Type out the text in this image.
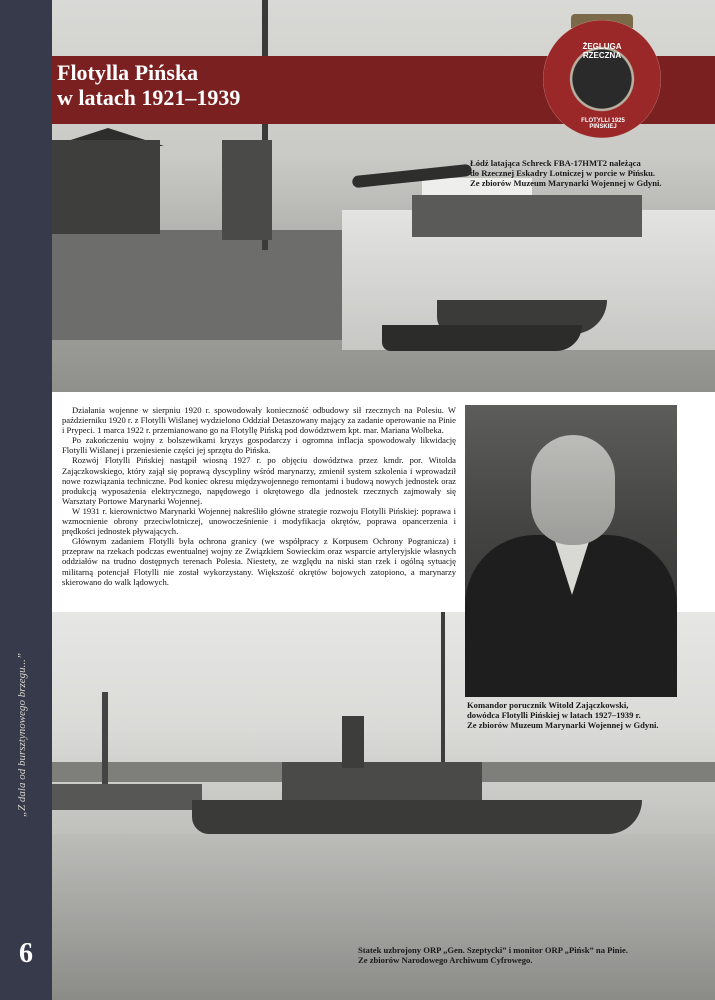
„Z dala od bursztynowego brzegu...”
6
Flotylla Pińska
w latach 1921–1939
ŻEGLUGA RZECZNA
FLOTYLLI 1925 PIŃSKIEJ

Łódź latająca Schreck FBA-17HMT2 należąca
do Rzecznej Eskadry Lotniczej w porcie w Pińsku.
Ze zbiorów Muzeum Marynarki Wojennej w Gdyni.

Działania wojenne w sierpniu 1920 r. spowodowały konieczność odbudowy sił rzecznych na Polesiu. W październiku 1920 r. z Flotylli Wiślanej wydzielono Oddział Detaszowany mający za zadanie operowanie na Pinie i Prypeci. 1 marca 1922 r. przemianowano go na Flotyllę Pińską pod dowództwem kpt. mar. Mariana Wolbeka.

Po zakończeniu wojny z bolszewikami kryzys gospodarczy i ogromna inflacja spowodowały likwidację Flotylli Wiślanej i przeniesienie części jej sprzętu do Pińska.

Rozwój Flotylli Pińskiej nastąpił wiosną 1927 r. po objęciu dowództwa przez kmdr. por. Witolda Zajączkowskiego, który zajął się poprawą dyscypliny wśród marynarzy, zmienił system szkolenia i wprowadził nowe rozwiązania techniczne. Pod koniec okresu międzywojennego remontami i budową nowych jednostek oraz produkcją wyposażenia elektrycznego, napędowego i okrętowego dla jednostek rzecznych zajmowały się Warsztaty Portowe Marynarki Wojennej.

W 1931 r. kierownictwo Marynarki Wojennej nakreśliło główne strategie rozwoju Flotylli Pińskiej: poprawa i wzmocnienie obrony przeciwlotniczej, unowocześnienie i modyfikacja okrętów, poprawa opancerzenia i prędkości jednostek pływających.

Głównym zadaniem Flotylli była ochrona granicy (we współpracy z Korpusem Ochrony Pogranicza) i przepraw na rzekach podczas ewentualnej wojny ze Związkiem Sowieckim oraz wsparcie artyleryjskie własnych oddziałów na trudno dostępnych terenach Polesia. Niestety, ze względu na niski stan rzek i ogólną sytuację militarną potencjał Flotylli nie został wykorzystany. Większość okrętów bojowych zatopiono, a marynarzy skierowano do walk lądowych.

Komandor porucznik Witold Zajączkowski,
dowódca Flotylli Pińskiej w latach 1927–1939 r.
Ze zbiorów Muzeum Marynarki Wojennej w Gdyni.

Statek uzbrojony ORP „Gen. Szeptycki” i monitor ORP „Pińsk” na Pinie.
Ze zbiorów Narodowego Archiwum Cyfrowego.
